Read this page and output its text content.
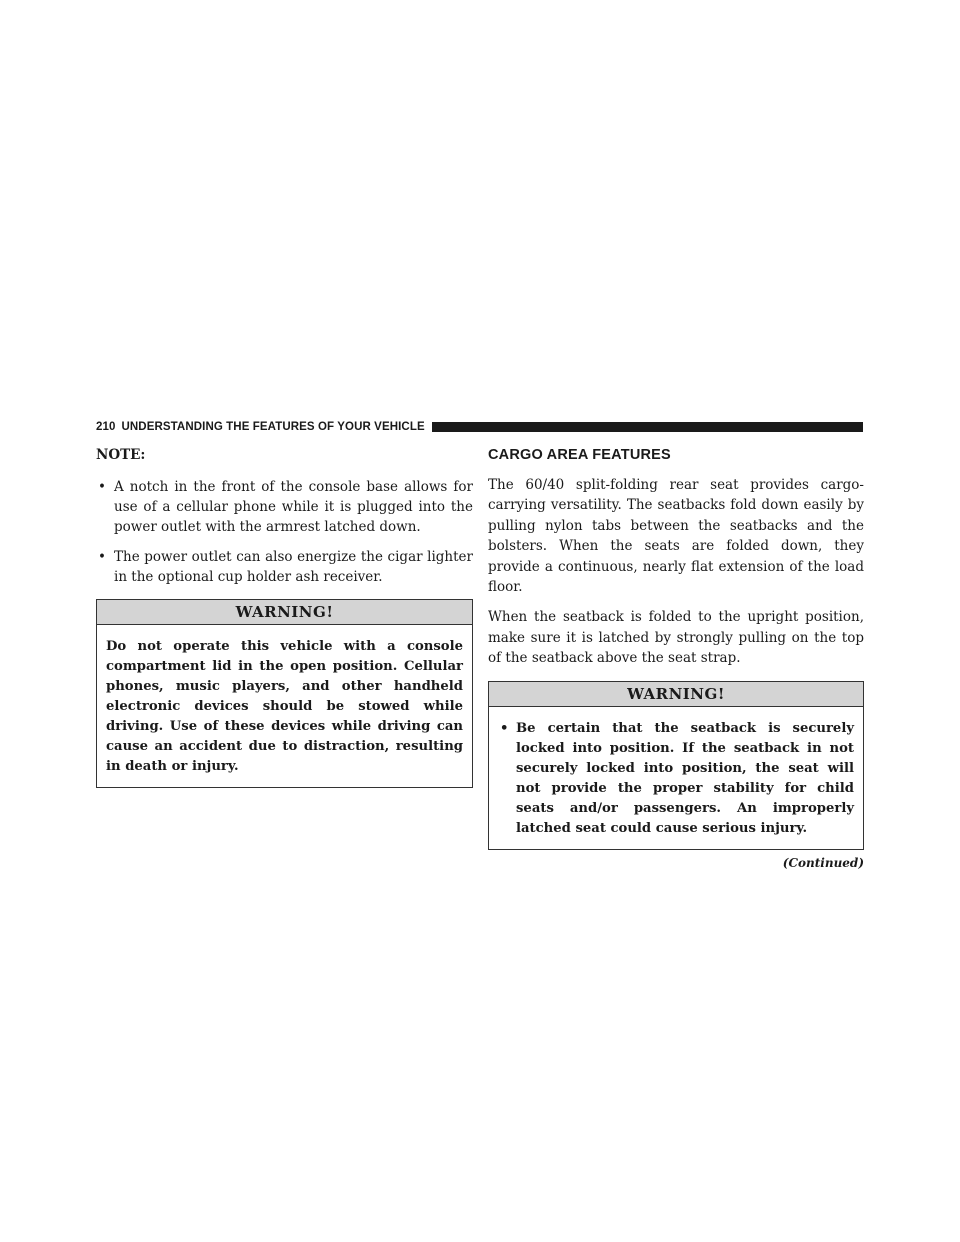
210 UNDERSTANDING THE FEATURES OF YOUR VEHICLE
NOTE:
• A notch in the front of the console base allows for use of a cellular phone while it is plugged into the power outlet with the armrest latched down.
• The power outlet can also energize the cigar lighter in the optional cup holder ash receiver.
WARNING!
Do not operate this vehicle with a console compartment lid in the open position. Cellular phones, music players, and other handheld electronic devices should be stowed while driving. Use of these devices while driving can cause an accident due to distraction, resulting in death or injury.
CARGO AREA FEATURES

The 60/40 split-folding rear seat provides cargo-carrying versatility. The seatbacks fold down easily by pulling nylon tabs between the seatbacks and the bolsters. When the seats are folded down, they provide a continuous, nearly flat extension of the load floor.

When the seatback is folded to the upright position, make sure it is latched by strongly pulling on the top of the seatback above the seat strap.

WARNING!
• Be certain that the seatback is securely locked into position. If the seatback in not securely locked into position, the seat will not provide the proper stability for child seats and/or passengers. An improperly latched seat could cause serious injury.
(Continued)
